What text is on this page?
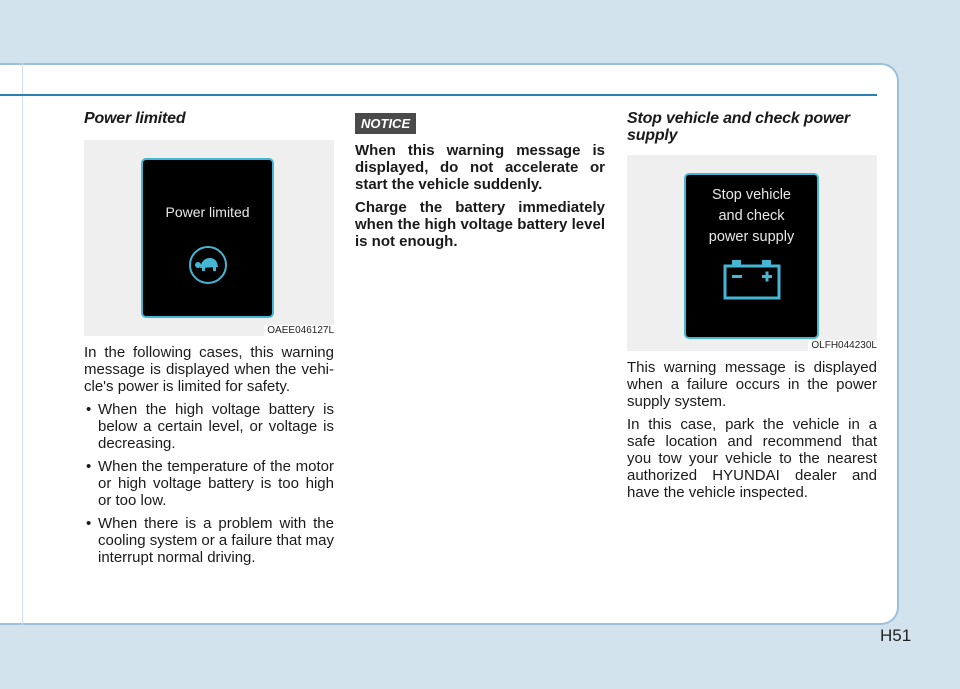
Power limited
Power limited
OAEE046127L

In the following cases, this warning message is displayed when the vehi-cle's power is limited for safety.

• When the high voltage battery is below a certain level, or voltage is decreasing.
• When the temperature of the motor or high voltage battery is too high or too low.
• When there is a problem with the cooling system or a failure that may interrupt normal driving.
NOTICE

When this warning message is displayed, do not accelerate or start the vehicle suddenly.

Charge the battery immediately when the high voltage battery level is not enough.

Stop vehicle and check power supply
Stop vehicle
and check
power supply
OLFH044230L

This warning message is displayed when a failure occurs in the power supply system.

In this case, park the vehicle in a safe location and recommend that you tow your vehicle to the nearest authorized HYUNDAI dealer and have the vehicle inspected.

H51
